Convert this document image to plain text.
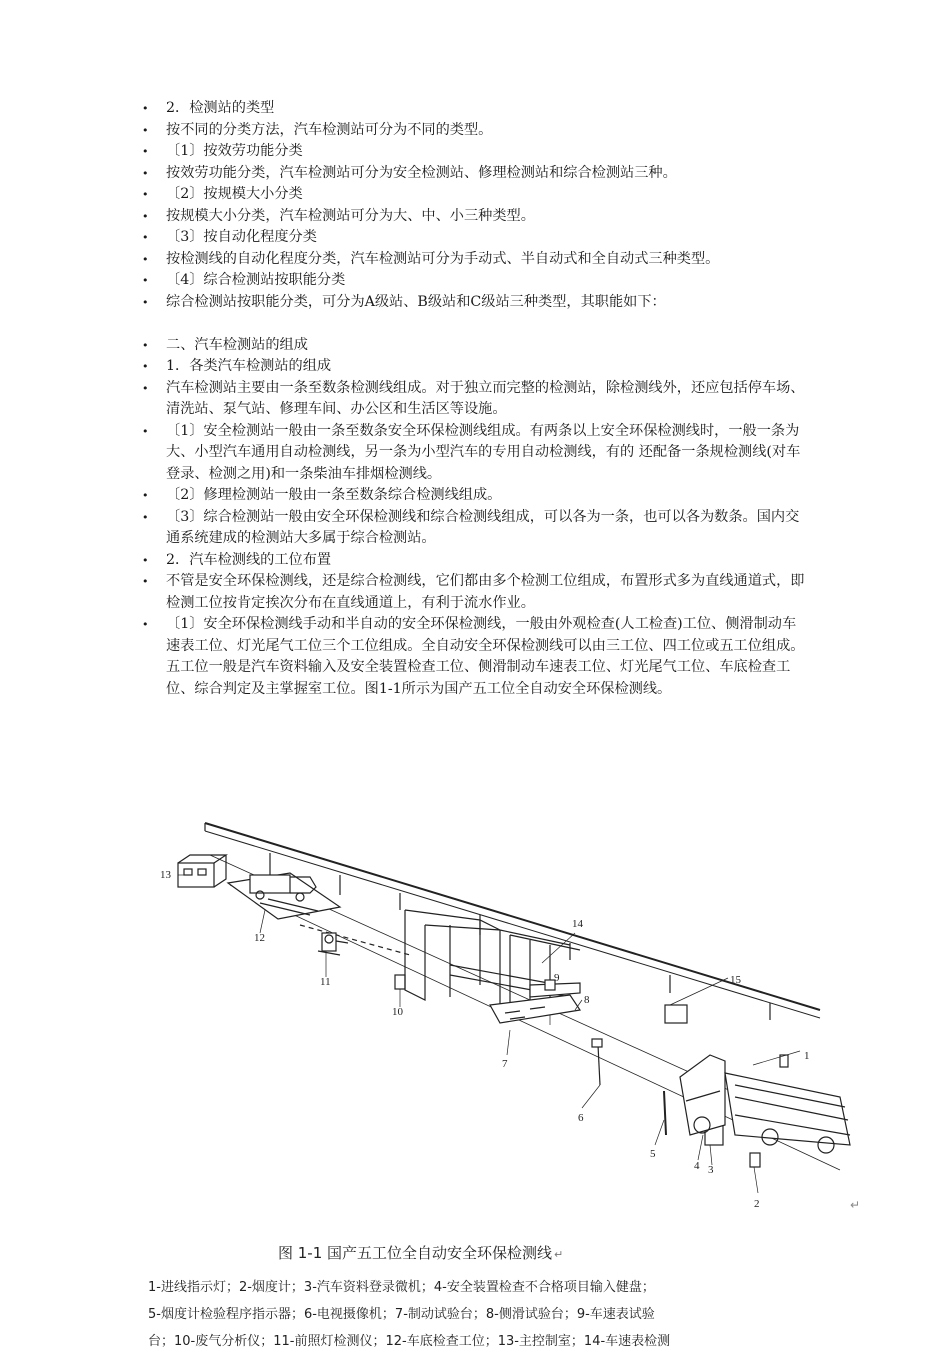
• 2．检测站的类型
• 按不同的分类方法，汽车检测站可分为不同的类型。
• 〔1〕按效劳功能分类
• 按效劳功能分类，汽车检测站可分为安全检测站、修理检测站和综合检测站三种。
• 〔2〕按规模大小分类
• 按规模大小分类，汽车检测站可分为大、中、小三种类型。
• 〔3〕按自动化程度分类
• 按检测线的自动化程度分类，汽车检测站可分为手动式、半自动式和全自动式三种类型。
• 〔4〕综合检测站按职能分类
• 综合检测站按职能分类，可分为A级站、B级站和C级站三种类型，其职能如下：
• 二、汽车检测站的组成
• 1．各类汽车检测站的组成
• 汽车检测站主要由一条至数条检测线组成。对于独立而完整的检测站，除检测线外，还应包括停车场、清洗站、泵气站、修理车间、办公区和生活区等设施。
• 〔1〕安全检测站一般由一条至数条安全环保检测线组成。有两条以上安全环保检测线时，一般一条为大、小型汽车通用自动检测线，另一条为小型汽车的专用自动检测线，有的 还配备一条规检测线(对车登录、检测之用)和一条柴油车排烟检测线。
• 〔2〕修理检测站一般由一条至数条综合检测线组成。
• 〔3〕综合检测站一般由安全环保检测线和综合检测线组成，可以各为一条，也可以各为数条。国内交通系统建成的检测站大多属于综合检测站。
• 2．汽车检测线的工位布置
• 不管是安全环保检测线，还是综合检测线，它们都由多个检测工位组成，布置形式多为直线通道式，即检测工位按肯定挨次分布在直线通道上，有利于流水作业。
• 〔1〕安全环保检测线手动和半自动的安全环保检测线，一般由外观检查(人工检查)工位、侧滑制动车速表工位、灯光尾气工位三个工位组成。全自动安全环保检测线可以由三工位、四工位或五工位组成。五工位一般是汽车资料输入及安全装置检查工位、侧滑制动车速表工位、灯光尾气工位、车底检查工位、综合判定及主掌握室工位。图1-1所示为国产五工位全自动安全环保检测线。
13
12
11
10
9
8
7
6
5
4 3
2
1
14
15
↵
图 1-1 国产五工位全自动安全环保检测线 ↵

1-进线指示灯；2-烟度计；3-汽车资料登录微机；4-安全装置检查不合格项目输入健盘；

5-烟度计检验程序指示器；6-电视摄像机；7-制动试验台；8-侧滑试验台；9-车速表试验

台；10-废气分析仪；11-前照灯检测仪；12-车底检查工位；13-主控制室；14-车速表检测
